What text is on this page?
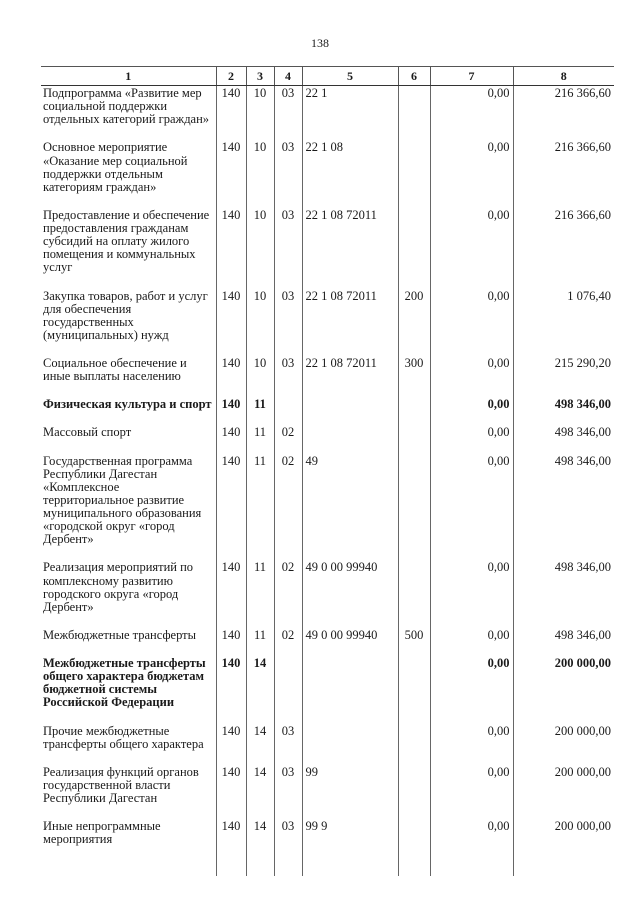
138
1	2	3	4	5	6	7	8
Подпрограмма «Развитие мер социальной поддержки отдельных категорий граждан»	140	10	03	22 1		0,00	216 366,60
Основное мероприятие «Оказание мер социальной поддержки отдельным категориям граждан»	140	10	03	22 1 08		0,00	216 366,60
Предоставление и обеспечение предоставления гражданам субсидий на оплату жилого помещения и коммунальных услуг	140	10	03	22 1 08 72011		0,00	216 366,60
Закупка товаров, работ и услуг для обеспечения государственных (муниципальных) нужд	140	10	03	22 1 08 72011	200	0,00	1 076,40
Социальное обеспечение и иные выплаты населению	140	10	03	22 1 08 72011	300	0,00	215 290,20
Физическая культура и спорт	140	11				0,00	498 346,00
Массовый спорт	140	11	02			0,00	498 346,00
Государственная программа Республики Дагестан «Комплексное территориальное развитие муниципального образования «городской округ «город Дербент»	140	11	02	49		0,00	498 346,00
Реализация мероприятий по комплексному развитию городского округа «город Дербент»	140	11	02	49 0 00 99940		0,00	498 346,00
Межбюджетные трансферты	140	11	02	49 0 00 99940	500	0,00	498 346,00
Межбюджетные трансферты общего характера бюджетам бюджетной системы Российской Федерации	140	14				0,00	200 000,00
Прочие межбюджетные трансферты общего характера	140	14	03			0,00	200 000,00
Реализация функций органов государственной власти Республики Дагестан	140	14	03	99		0,00	200 000,00
Иные непрограммные мероприятия	140	14	03	99 9		0,00	200 000,00
